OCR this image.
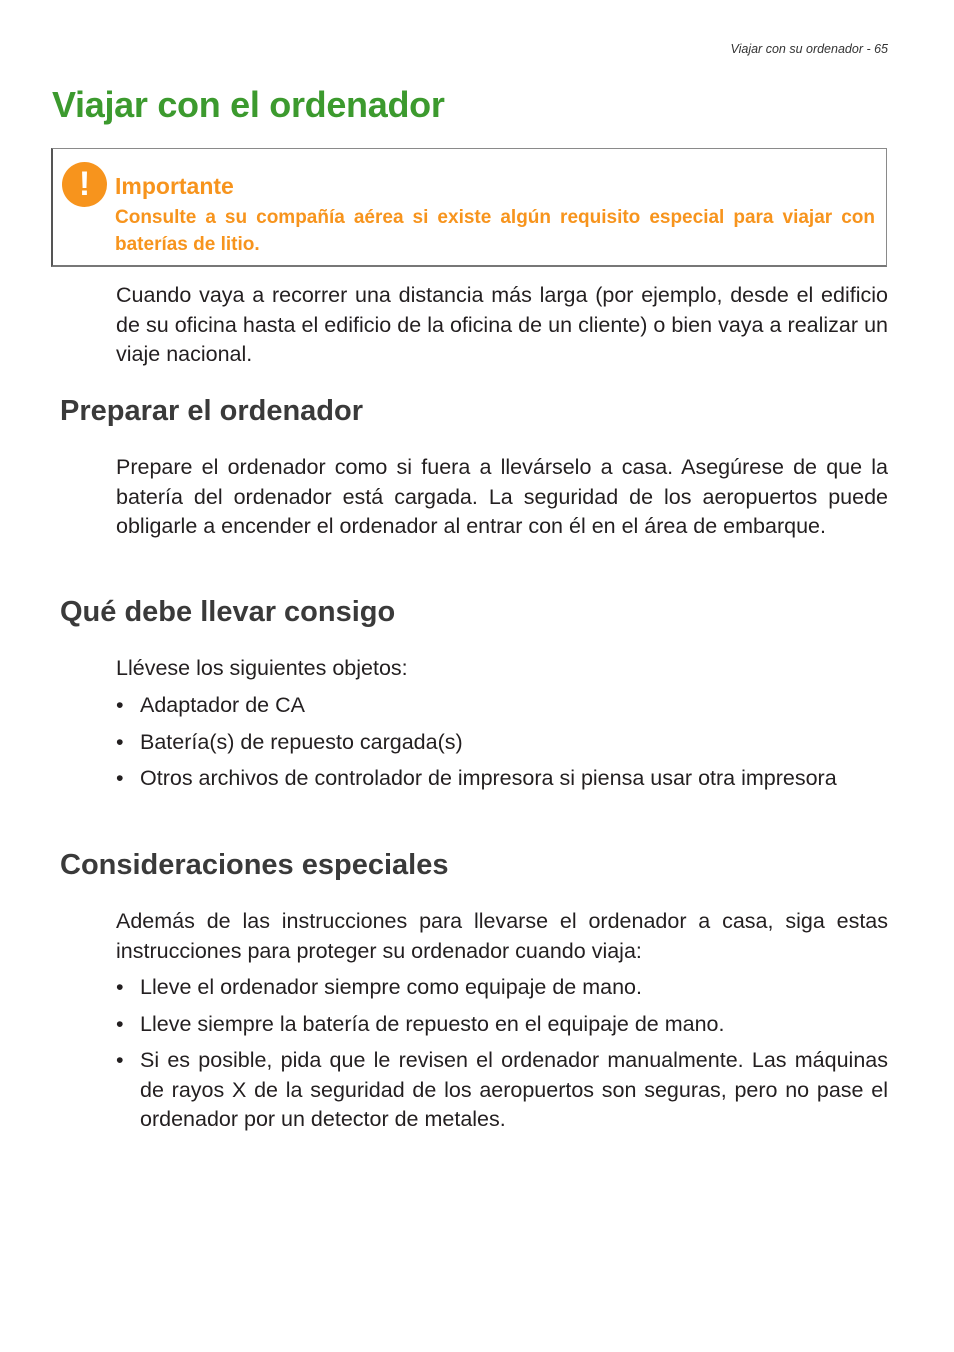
Viajar con su ordenador - 65
Viajar con el ordenador
!	Importante
Consulte a su compañía aérea si existe algún requisito especial para viajar con baterías de litio.

Cuando vaya a recorrer una distancia más larga (por ejemplo, desde el edificio de su oficina hasta el edificio de la oficina de un cliente) o bien vaya a realizar un viaje nacional.

Preparar el ordenador

Prepare el ordenador como si fuera a llevárselo a casa. Asegúrese de que la batería del ordenador está cargada. La seguridad de los aeropuertos puede obligarle a encender el ordenador al entrar con él en el área de embarque.

Qué debe llevar consigo

Llévese los siguientes objetos:

• Adaptador de CA
• Batería(s) de repuesto cargada(s)
• Otros archivos de controlador de impresora si piensa usar otra impresora
Consideraciones especiales

Además de las instrucciones para llevarse el ordenador a casa, siga estas instrucciones para proteger su ordenador cuando viaja:

• Lleve el ordenador siempre como equipaje de mano.
• Lleve siempre la batería de repuesto en el equipaje de mano.
• Si es posible, pida que le revisen el ordenador manualmente. Las máquinas de rayos X de la seguridad de los aeropuertos son seguras, pero no pase el ordenador por un detector de metales.
